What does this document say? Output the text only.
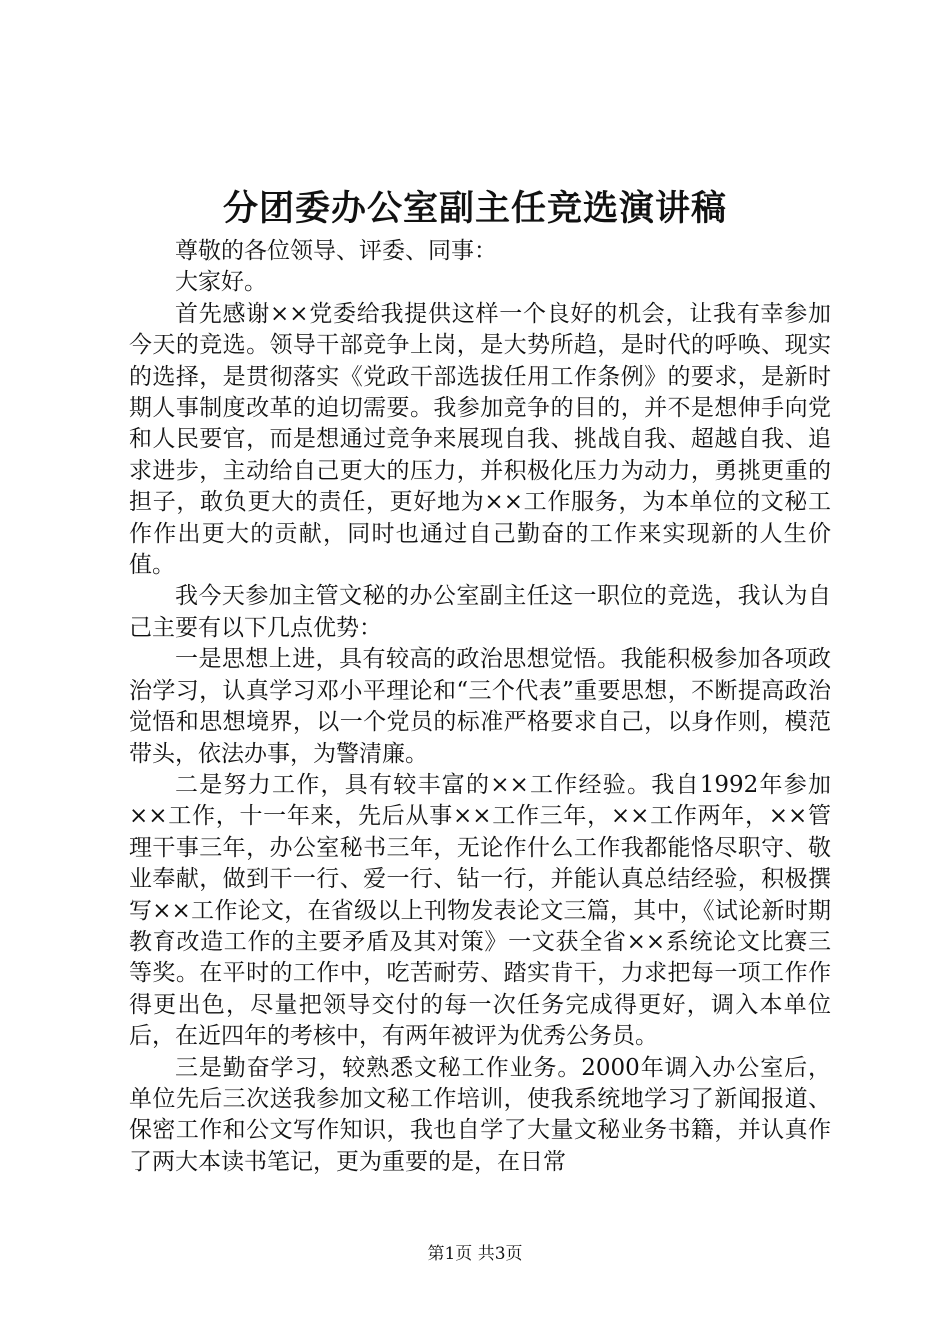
分团委办公室副主任竞选演讲稿

尊敬的各位领导、评委、同事：

大家好。

首先感谢××党委给我提供这样一个良好的机会，让我有幸参加今天的竞选。领导干部竞争上岗，是大势所趋，是时代的呼唤、现实的选择，是贯彻落实《党政干部选拔任用工作条例》的要求，是新时期人事制度改革的迫切需要。我参加竞争的目的，并不是想伸手向党和人民要官，而是想通过竞争来展现自我、挑战自我、超越自我、追求进步，主动给自己更大的压力，并积极化压力为动力，勇挑更重的担子，敢负更大的责任，更好地为××工作服务，为本单位的文秘工作作出更大的贡献，同时也通过自己勤奋的工作来实现新的人生价值。

我今天参加主管文秘的办公室副主任这一职位的竞选，我认为自己主要有以下几点优势：

一是思想上进，具有较高的政治思想觉悟。我能积极参加各项政治学习，认真学习邓小平理论和“三个代表”重要思想，不断提高政治觉悟和思想境界，以一个党员的标准严格要求自己，以身作则，模范带头，依法办事，为警清廉。

二是努力工作，具有较丰富的××工作经验。我自1992年参加××工作，十一年来，先后从事××工作三年，××工作两年，××管理干事三年，办公室秘书三年，无论作什么工作我都能恪尽职守、敬业奉献，做到干一行、爱一行、钻一行，并能认真总结经验，积极撰写××工作论文，在省级以上刊物发表论文三篇，其中，《试论新时期教育改造工作的主要矛盾及其对策》一文获全省××系统论文比赛三等奖。在平时的工作中，吃苦耐劳、踏实肯干，力求把每一项工作作得更出色，尽量把领导交付的每一次任务完成得更好，调入本单位后，在近四年的考核中，有两年被评为优秀公务员。

三是勤奋学习，较熟悉文秘工作业务。2000年调入办公室后，单位先后三次送我参加文秘工作培训，使我系统地学习了新闻报道、保密工作和公文写作知识，我也自学了大量文秘业务书籍，并认真作了两大本读书笔记，更为重要的是，在日常

第1页 共3页
